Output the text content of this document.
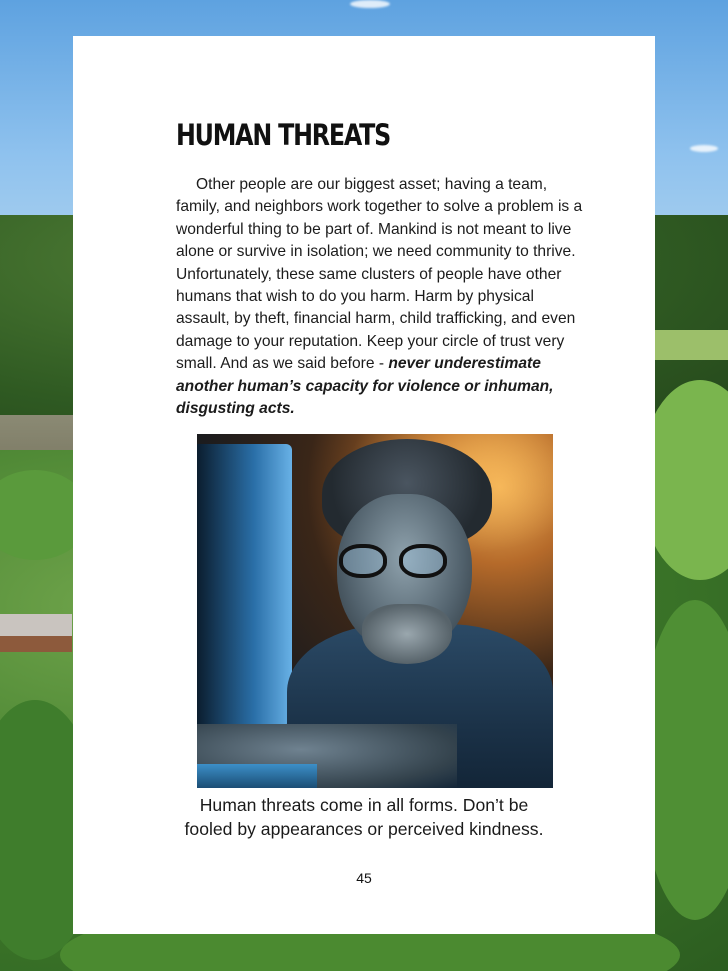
HUMAN THREATS

Other people are our biggest asset; having a team, family, and neighbors work together to solve a problem is a wonderful thing to be part of. Mankind is not meant to live alone or survive in isolation; we need community to thrive. Unfortunately, these same clusters of people have other humans that wish to do you harm. Harm by physical assault, by theft, financial harm, child trafficking, and even damage to your reputation. Keep your circle of trust very small. And as we said before - never underestimate another human’s capacity for violence or inhuman, disgusting acts.

Human threats come in all forms. Don’t be
fooled by appearances or perceived kindness.

45
